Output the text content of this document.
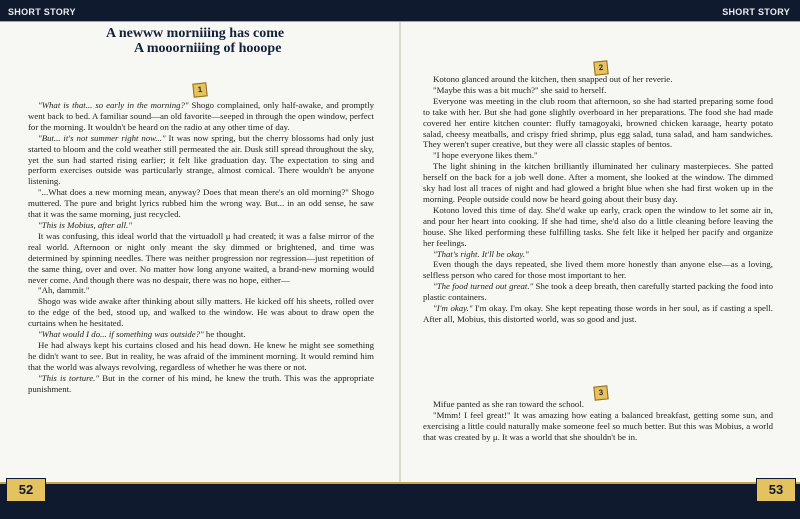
SHORT STORY	SHORT STORY
A newww morniiing has come
A mooorniiing of hooope
1

"What is that... so early in the morning?" Shogo complained, only half-awake, and promptly went back to bed. A familiar sound—an old favorite—seeped in through the open window, perfect for the morning. It wouldn't be heard on the radio at any other time of day.

"But... it's not summer right now..." It was now spring, but the cherry blossoms had only just started to bloom and the cold weather still permeated the air. Dusk still spread throughout the sky, yet the sun had started rising earlier; it felt like graduation day. The expectation to sing and perform exercises outside was particularly strange, almost comical. There wouldn't be anyone listening.

"...What does a new morning mean, anyway? Does that mean there's an old morning?" Shogo muttered. The pure and bright lyrics rubbed him the wrong way. But... in an odd sense, he saw that it was the same morning, just recycled.

"This is Mobius, after all."

It was confusing, this ideal world that the virtuadoll μ had created; it was a false mirror of the real world. Afternoon or night only meant the sky dimmed or brightened, and time was determined by spinning needles. There was neither progression nor regression—just repetition of the same thing, over and over. No matter how long anyone waited, a brand-new morning would never come. And though there was no despair, there was no hope, either—

"Ah, dammit."

Shogo was wide awake after thinking about silly matters. He kicked off his sheets, rolled over to the edge of the bed, stood up, and walked to the window. He was about to draw open the curtains when he hesitated.

"What would I do... if something was outside?" he thought.

He had always kept his curtains closed and his head down. He knew he might see something he didn't want to see. But in reality, he was afraid of the imminent morning. It would remind him that the world was always revolving, regardless of whether he was there or not.

"This is torture." But in the corner of his mind, he knew the truth. This was the appropriate punishment.

2

Kotono glanced around the kitchen, then snapped out of her reverie.

"Maybe this was a bit much?" she said to herself.

Everyone was meeting in the club room that afternoon, so she had started preparing some food to take with her. But she had gone slightly overboard in her preparations. The food she had made covered her entire kitchen counter: fluffy tamagoyaki, browned chicken karaage, hearty potato salad, cheesy meatballs, and crispy fried shrimp, plus egg salad, tuna salad, and ham sandwiches. They weren't super creative, but they were all classic staples of bentos.

"I hope everyone likes them."

The light shining in the kitchen brilliantly illuminated her culinary masterpieces. She patted herself on the back for a job well done. After a moment, she looked at the window. The dimmed sky had lost all traces of night and had glowed a bright blue when she had first woken up in the morning. People outside could now be heard going about their busy day.

Kotono loved this time of day. She'd wake up early, crack open the window to let some air in, and pour her heart into cooking. If she had time, she'd also do a little cleaning before leaving the house. She liked performing these fulfilling tasks. She felt like it helped her pacify and organize her feelings.

"That's right. It'll be okay."

Even though the days repeated, she lived them more honestly than anyone else—as a loving, selfless person who cared for those most important to her.

"The food turned out great." She took a deep breath, then carefully started packing the food into plastic containers.

"I'm okay." I'm okay. I'm okay. She kept repeating those words in her soul, as if casting a spell. After all, Mobius, this distorted world, was so good and just.

3

Mifue panted as she ran toward the school.

"Mmm! I feel great!" It was amazing how eating a balanced breakfast, getting some sun, and exercising a little could naturally make someone feel so much better. But this was Mobius, a world that was created by μ. It was a world that she shouldn't be in.

52	53
